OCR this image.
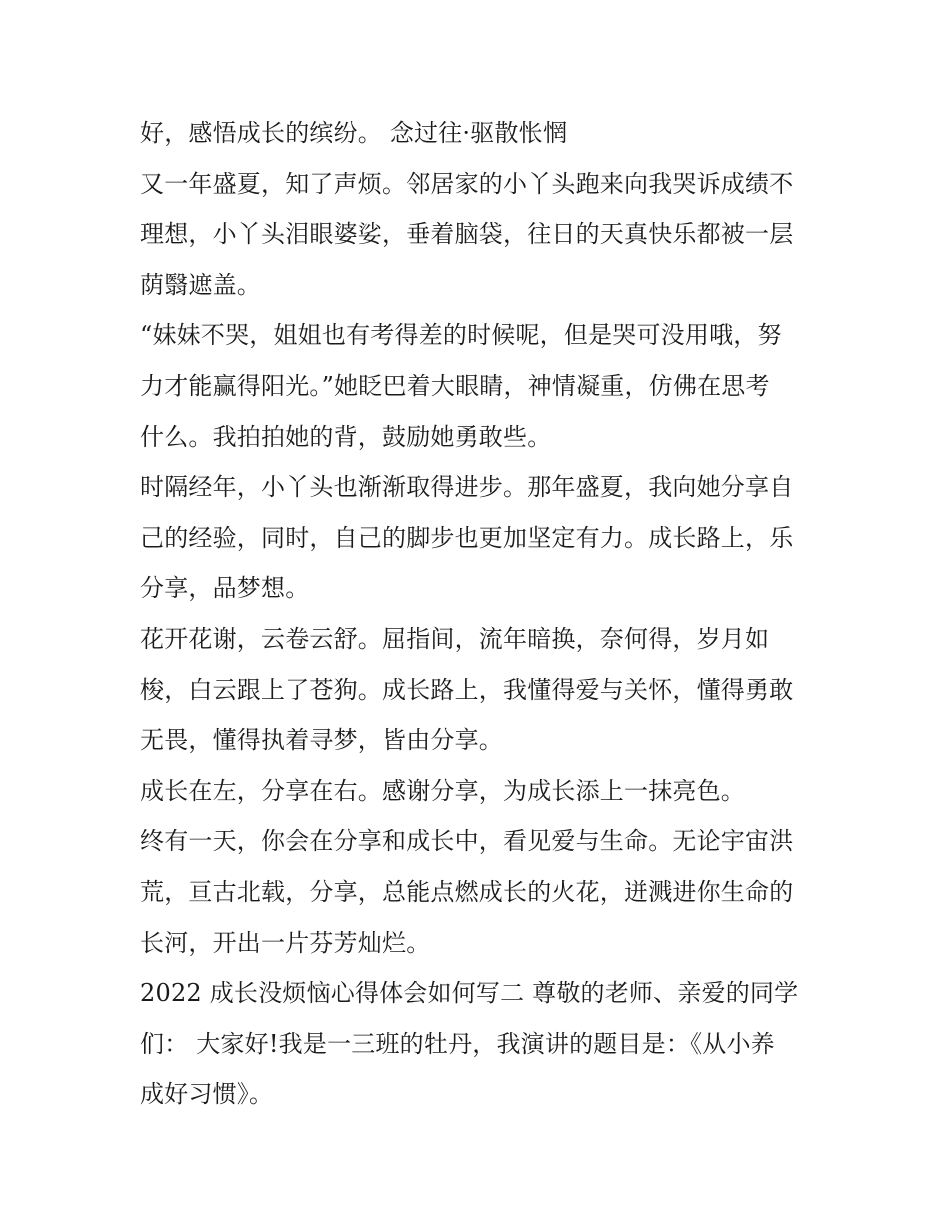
好，感悟成长的缤纷。 念过往·驱散怅惘
又一年盛夏，知了声烦。邻居家的小丫头跑来向我哭诉成绩不
理想，小丫头泪眼婆娑，垂着脑袋，往日的天真快乐都被一层
荫翳遮盖。
“妹妹不哭，姐姐也有考得差的时候呢，但是哭可没用哦，努
力才能赢得阳光。”她眨巴着大眼睛，神情凝重，仿佛在思考
什么。我拍拍她的背，鼓励她勇敢些。
时隔经年，小丫头也渐渐取得进步。那年盛夏，我向她分享自
己的经验，同时，自己的脚步也更加坚定有力。成长路上，乐
分享，品梦想。
花开花谢，云卷云舒。屈指间，流年暗换，奈何得，岁月如
梭，白云跟上了苍狗。成长路上，我懂得爱与关怀，懂得勇敢
无畏，懂得执着寻梦，皆由分享。
成长在左，分享在右。感谢分享，为成长添上一抹亮色。
终有一天，你会在分享和成长中，看见爱与生命。无论宇宙洪
荒，亘古北载，分享，总能点燃成长的火花，迸溅进你生命的
长河，开出一片芬芳灿烂。
2022 成长没烦恼心得体会如何写二 尊敬的老师、亲爱的同学
们： 大家好!我是一三班的牡丹，我演讲的题目是：《从小养
成好习惯》。
